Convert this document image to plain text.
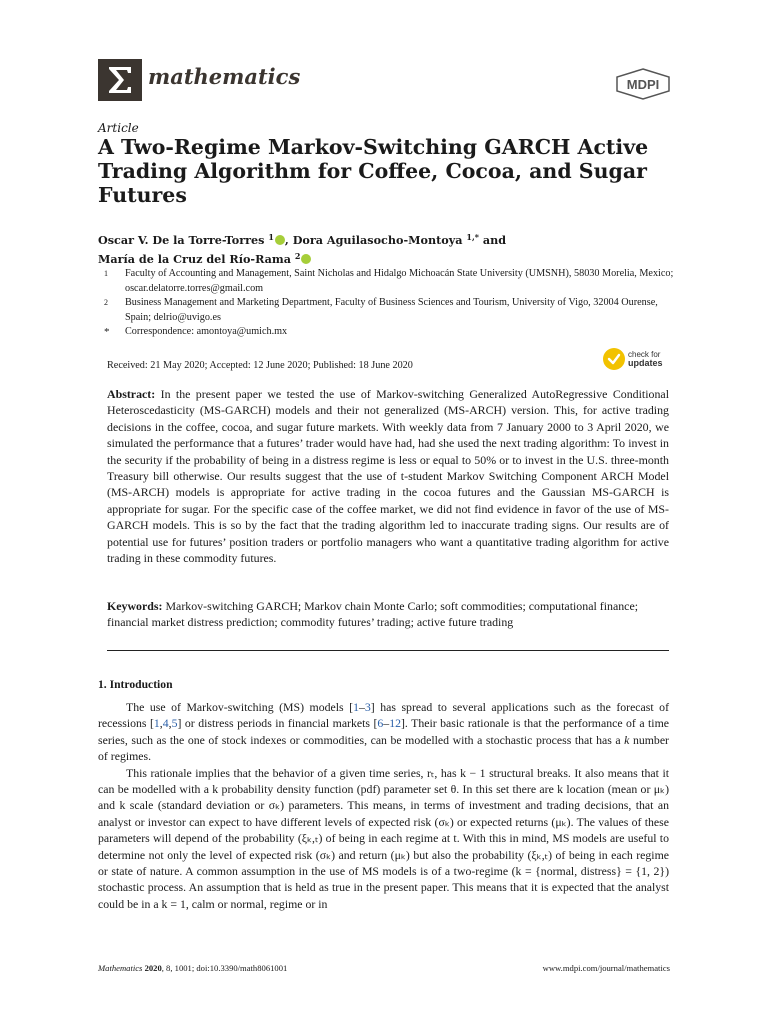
mathematics	MDPI
Article
A Two-Regime Markov-Switching GARCH Active Trading Algorithm for Coffee, Cocoa, and Sugar Futures
Oscar V. De la Torre-Torres $^1$ , Dora Aguilasocho-Montoya $^{1,*}$ and
María de la Cruz del Río-Rama $^2$
1 Faculty of Accounting and Management, Saint Nicholas and Hidalgo Michoacán State University (UMSNH), 58030 Morelia, Mexico; oscar.delatorre.torres@gmail.com
2 Business Management and Marketing Department, Faculty of Business Sciences and Tourism, University of Vigo, 32004 Ourense, Spain; delrio@uvigo.es
* Correspondence: amontoya@umich.mx
Received: 21 May 2020; Accepted: 12 June 2020; Published: 18 June 2020
check for
updates
Abstract: In the present paper we tested the use of Markov-switching Generalized AutoRegressive Conditional Heteroscedasticity (MS-GARCH) models and their not generalized (MS-ARCH) version. This, for active trading decisions in the coffee, cocoa, and sugar future markets. With weekly data from 7 January 2000 to 3 April 2020, we simulated the performance that a futures’ trader would have had, had she used the next trading algorithm: To invest in the security if the probability of being in a distress regime is less or equal to 50% or to invest in the U.S. three-month Treasury bill otherwise. Our results suggest that the use of t-student Markov Switching Component ARCH Model (MS-ARCH) models is appropriate for active trading in the cocoa futures and the Gaussian MS-GARCH is appropriate for sugar. For the specific case of the coffee market, we did not find evidence in favor of the use of MS-GARCH models. This is so by the fact that the trading algorithm led to inaccurate trading signs. Our results are of potential use for futures’ position traders or portfolio managers who want a quantitative trading algorithm for active trading in these commodity futures.
Keywords: Markov-switching GARCH; Markov chain Monte Carlo; soft commodities; computational finance; financial market distress prediction; commodity futures’ trading; active future trading
1. Introduction

The use of Markov-switching (MS) models [1–3] has spread to several applications such as the forecast of recessions [1,4,5] or distress periods in financial markets [6–12]. Their basic rationale is that the performance of a time series, such as the one of stock indexes or commodities, can be modelled with a stochastic process that has a k number of regimes.

This rationale implies that the behavior of a given time series, rₜ, has k − 1 structural breaks. It also means that it can be modelled with a k probability density function (pdf) parameter set θ. In this set there are k location (mean or μₖ) and k scale (standard deviation or σₖ) parameters. This means, in terms of investment and trading decisions, that an analyst or investor can expect to have different levels of expected risk (σₖ) or expected returns (μₖ). The values of these parameters will depend of the probability (ξₖ,ₜ) of being in each regime at t. With this in mind, MS models are useful to determine not only the level of expected risk (σₖ) and return (μₖ) but also the probability (ξₖ,ₜ) of being in each regime or state of nature. A common assumption in the use of MS models is of a two-regime (k = {normal, distress} = {1, 2}) stochastic process. An assumption that is held as true in the present paper. This means that it is expected that the analyst could be in a k = 1, calm or normal, regime or in

Mathematics 2020, 8, 1001; doi:10.3390/math8061001	www.mdpi.com/journal/mathematics
